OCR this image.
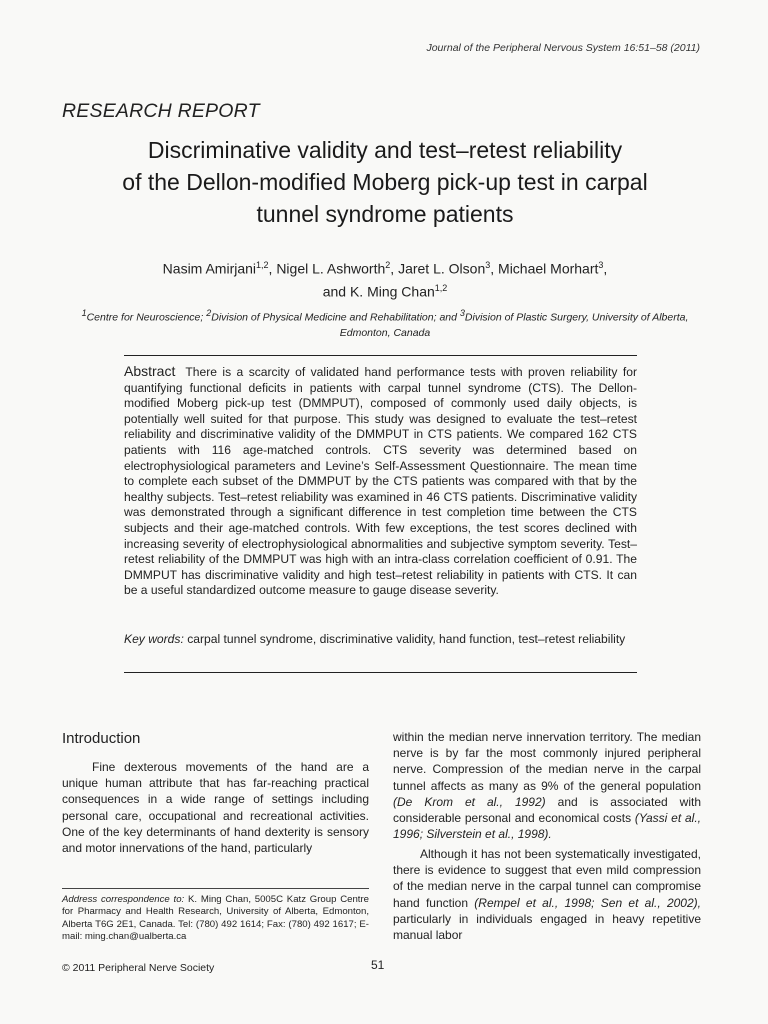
Journal of the Peripheral Nervous System 16:51–58 (2011)
RESEARCH REPORT
Discriminative validity and test–retest reliability
of the Dellon-modified Moberg pick-up test in carpal
tunnel syndrome patients
Nasim Amirjani$^{1,2}$, Nigel L. Ashworth$^2$, Jaret L. Olson$^3$, Michael Morhart$^3$,
and K. Ming Chan$^{1,2}$
$^1$Centre for Neuroscience; $^2$Division of Physical Medicine and Rehabilitation; and $^3$Division of Plastic Surgery, University of Alberta, Edmonton, Canada
Abstract There is a scarcity of validated hand performance tests with proven reliability for quantifying functional deficits in patients with carpal tunnel syndrome (CTS). The Dellon-modified Moberg pick-up test (DMMPUT), composed of commonly used daily objects, is potentially well suited for that purpose. This study was designed to evaluate the test–retest reliability and discriminative validity of the DMMPUT in CTS patients. We compared 162 CTS patients with 116 age-matched controls. CTS severity was determined based on electrophysiological parameters and Levine’s Self-Assessment Questionnaire. The mean time to complete each subset of the DMMPUT by the CTS patients was compared with that by the healthy subjects. Test–retest reliability was examined in 46 CTS patients. Discriminative validity was demonstrated through a significant difference in test completion time between the CTS subjects and their age-matched controls. With few exceptions, the test scores declined with increasing severity of electrophysiological abnormalities and subjective symptom severity. Test–retest reliability of the DMMPUT was high with an intra-class correlation coefficient of 0.91. The DMMPUT has discriminative validity and high test–retest reliability in patients with CTS. It can be a useful standardized outcome measure to gauge disease severity.
Key words: carpal tunnel syndrome, discriminative validity, hand function, test–retest reliability
Introduction
Fine dexterous movements of the hand are a unique human attribute that has far-reaching practical consequences in a wide range of settings including personal care, occupational and recreational activities. One of the key determinants of hand dexterity is sensory and motor innervations of the hand, particularly
within the median nerve innervation territory. The median nerve is by far the most commonly injured peripheral nerve. Compression of the median nerve in the carpal tunnel affects as many as 9% of the general population (De Krom et al., 1992) and is associated with considerable personal and economical costs (Yassi et al., 1996; Silverstein et al., 1998).
Although it has not been systematically investigated, there is evidence to suggest that even mild compression of the median nerve in the carpal tunnel can compromise hand function (Rempel et al., 1998; Sen et al., 2002), particularly in individuals engaged in heavy repetitive manual labor
Address correspondence to: K. Ming Chan, 5005C Katz Group Centre for Pharmacy and Health Research, University of Alberta, Edmonton, Alberta T6G 2E1, Canada. Tel: (780) 492 1614; Fax: (780) 492 1617; E-mail: ming.chan@ualberta.ca
© 2011 Peripheral Nerve Society	51
